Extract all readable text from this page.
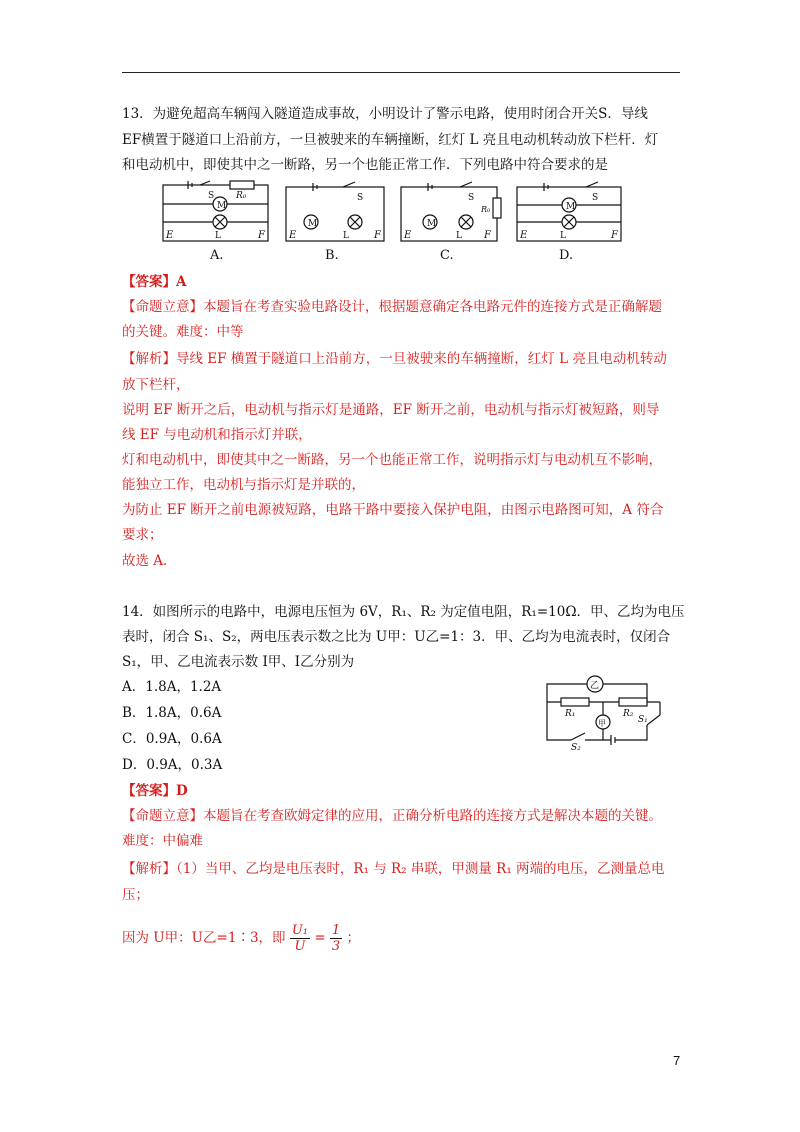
13．为避免超高车辆闯入隧道造成事故，小明设计了警示电路，使用时闭合开关S．导线
EF横置于隧道口上沿前方，一旦被驶来的车辆撞断，红灯 L 亮且电动机转动放下栏杆．灯
和电动机中，即使其中之一断路，另一个也能正常工作．下列电路中符合要求的是
M
L
S R₀
E	F
A.
M
L
S
E	F
B.
M
L
S
R₀
E	F
C.
M
L
S
E	F
D.
【答案】A
【命题立意】本题旨在考查实验电路设计，根据题意确定各电路元件的连接方式是正确解题
的关键。难度：中等
【解析】导线 EF 横置于隧道口上沿前方，一旦被驶来的车辆撞断，红灯 L 亮且电动机转动
放下栏杆，
说明 EF 断开之后，电动机与指示灯是通路，EF 断开之前，电动机与指示灯被短路，则导
线 EF 与电动机和指示灯并联，
灯和电动机中，即使其中之一断路，另一个也能正常工作，说明指示灯与电动机互不影响，
能独立工作，电动机与指示灯是并联的，
为防止 EF 断开之前电源被短路，电路干路中要接入保护电阻，由图示电路图可知，A 符合
要求；
故选 A.
14．如图所示的电路中，电源电压恒为 6V，R₁、R₂ 为定值电阻，R₁=10Ω．甲、乙均为电压
表时，闭合 S₁、S₂，两电压表示数之比为 U甲：U乙=1：3．甲、乙均为电流表时，仅闭合
S₁，甲、乙电流表示数 I甲、I乙分别为
A．1.8A，1.2A
B．1.8A，0.6A
C．0.9A，0.6A
D．0.9A，0.3A
乙
R₁	R₂
甲	S₁
S₂
【答案】D
【命题立意】本题旨在考查欧姆定律的应用，正确分析电路的连接方式是解决本题的关键。
难度：中偏难
【解析】（1）当甲、乙均是电压表时，R₁ 与 R₂ 串联，甲测量 R₁ 两端的电压，乙测量总电
压；
因为 U甲：U乙=1∶3，即 $\frac{\text{U₁}}{U} = \frac{1}{3}$ ；
7
